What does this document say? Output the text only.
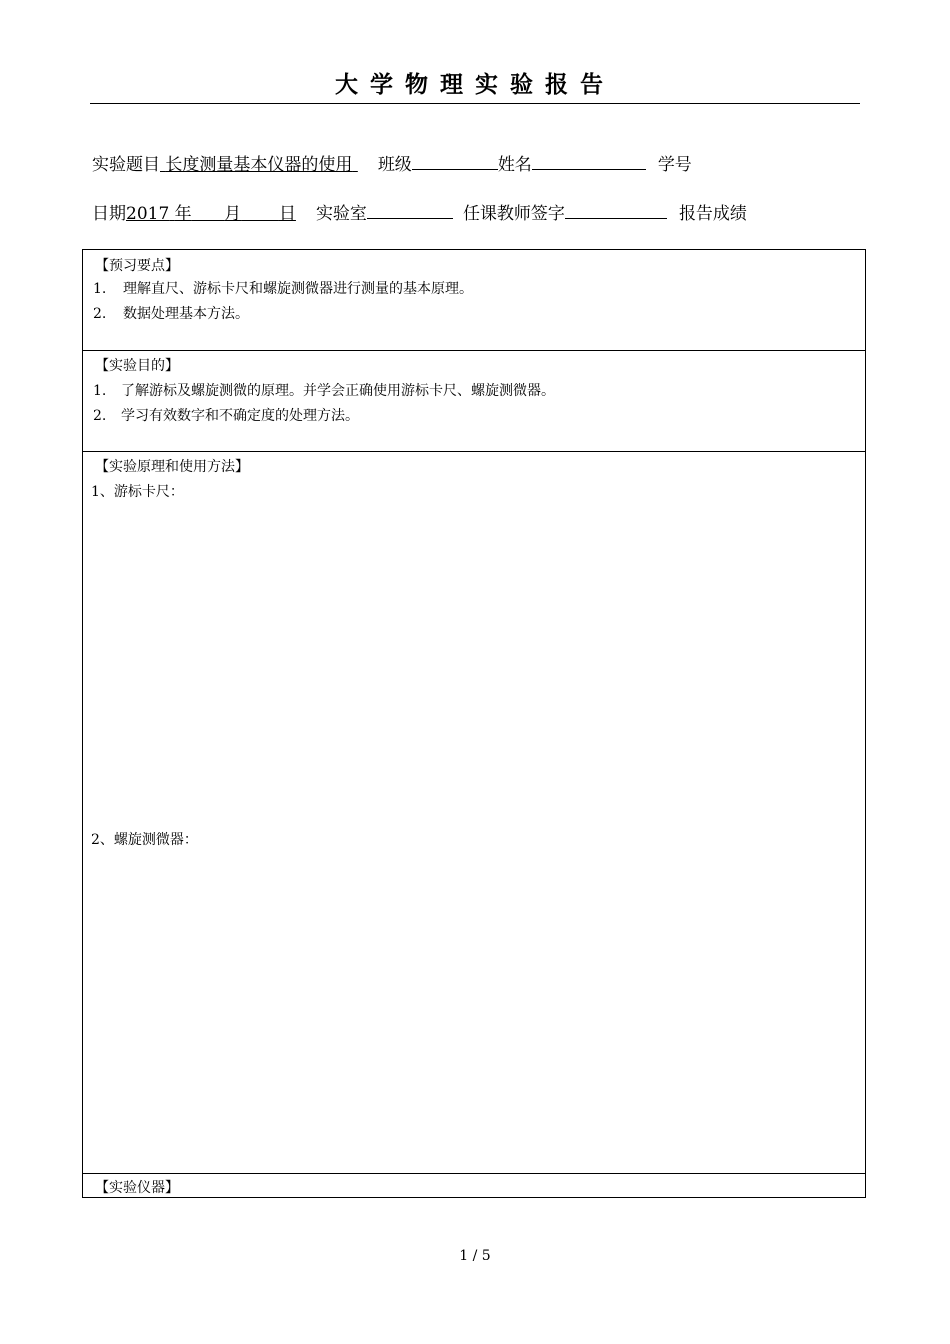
大学物理实验报告
实验题目 长度测量基本仪器的使用 班级	姓名	学号
日期2017 年 月 日 实验室	任课教师签字	报告成绩
【预习要点】
1. 理解直尺、游标卡尺和螺旋测微器进行测量的基本原理。
2. 数据处理基本方法。
【实验目的】
1. 了解游标及螺旋测微的原理。并学会正确使用游标卡尺、螺旋测微器。
2. 学习有效数字和不确定度的处理方法。
【实验原理和使用方法】
1、游标卡尺：
2、螺旋测微器：
【实验仪器】
1 / 5
